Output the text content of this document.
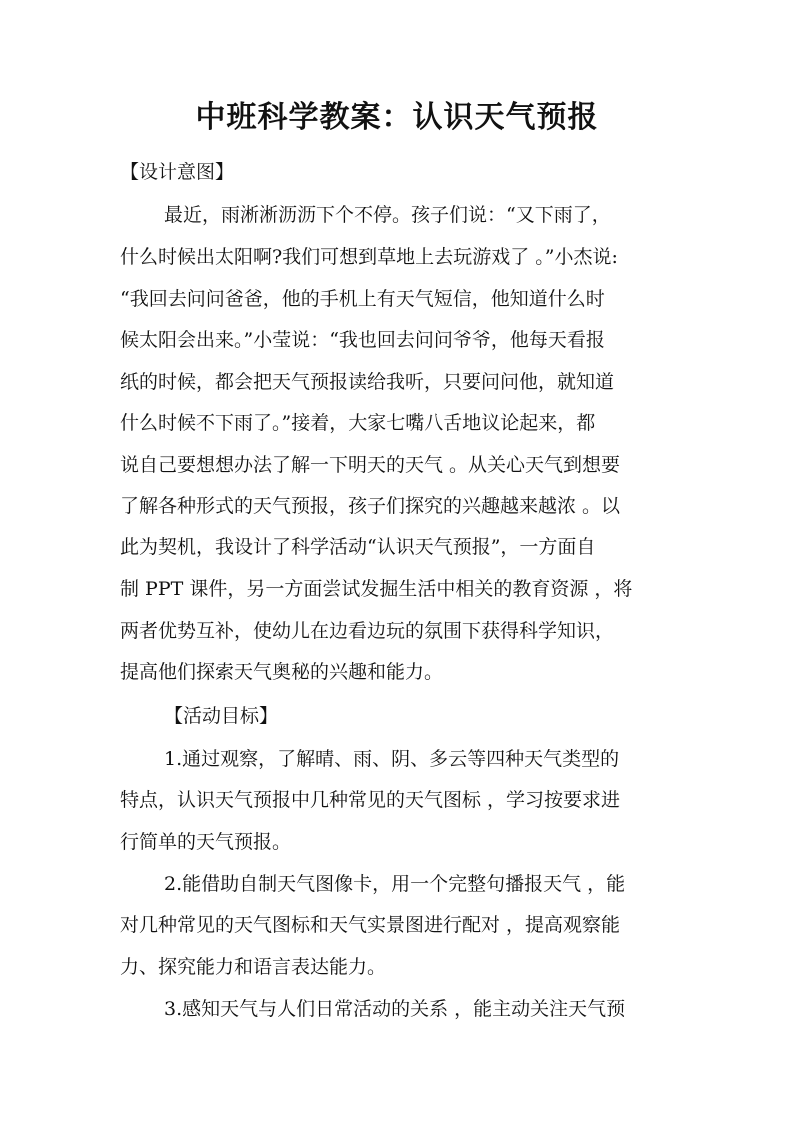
中班科学教案：认识天气预报

【设计意图】

最近，雨淅淅沥沥下个不停。孩子们说：“又下雨了，

什么时候出太阳啊?我们可想到草地上去玩游戏了 。”小杰说:

“我回去问问爸爸，他的手机上有天气短信，他知道什么时

候太阳会出来。”小莹说：“我也回去问问爷爷，他每天看报

纸的时候，都会把天气预报读给我听，只要问问他，就知道

什么时候不下雨了。”接着，大家七嘴八舌地议论起来，都

说自己要想想办法了解一下明天的天气 。从关心天气到想要

了解各种形式的天气预报，孩子们探究的兴趣越来越浓 。以

此为契机，我设计了科学活动“认识天气预报”，一方面自

制 PPT 课件，另一方面尝试发掘生活中相关的教育资源 ，将

两者优势互补，使幼儿在边看边玩的氛围下获得科学知识，

提高他们探索天气奥秘的兴趣和能力。

【活动目标】

1.通过观察，了解晴、雨、阴、多云等四种天气类型的

特点，认识天气预报中几种常见的天气图标 ，学习按要求进

行简单的天气预报。

2.能借助自制天气图像卡，用一个完整句播报天气 ，能

对几种常见的天气图标和天气实景图进行配对 ，提高观察能

力、探究能力和语言表达能力。

3.感知天气与人们日常活动的关系 ，能主动关注天气预
